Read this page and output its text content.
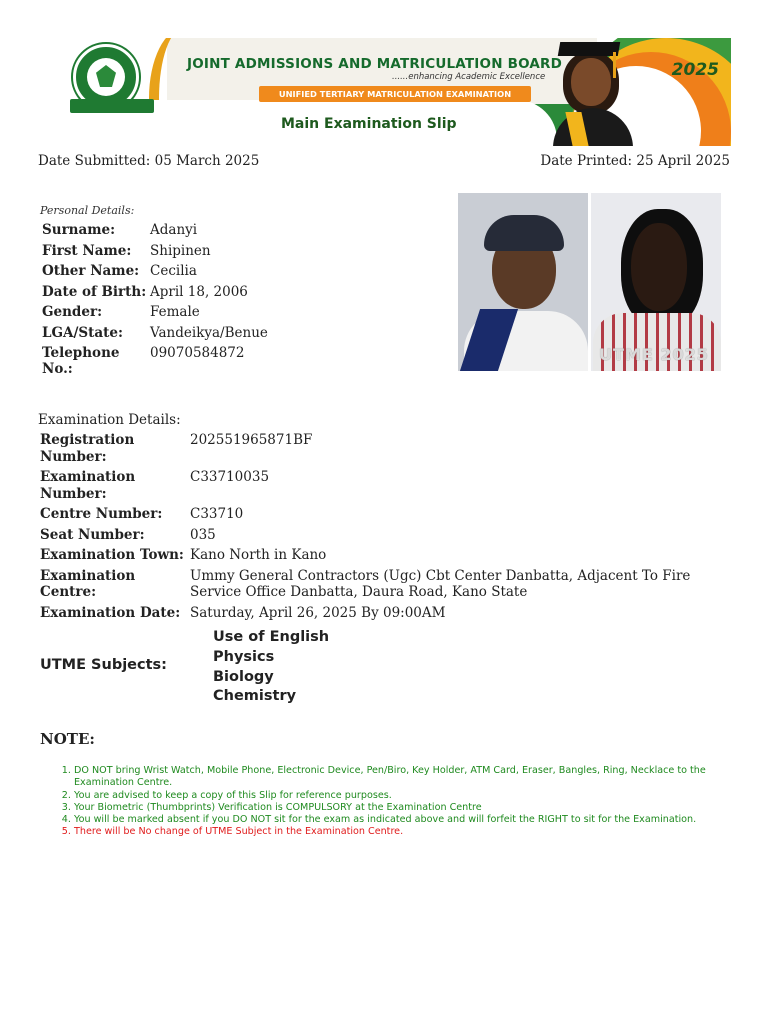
JOINT ADMISSIONS AND MATRICULATION BOARD
......enhancing Academic Excellence
UNIFIED TERTIARY MATRICULATION EXAMINATION
Main Examination Slip
2025
Date Submitted: 05 March 2025	Date Printed: 25 April 2025
Personal Details:
Surname:	Adanyi
First Name:	Shipinen
Other Name:	Cecilia
Date of Birth:	April 18, 2006
Gender:	Female
LGA/State:	Vandeikya/Benue
Telephone No.:	09070584872	UTME 2025
Examination Details:
Registration Number:	202551965871BF
Examination Number:	C33710035
Centre Number:	C33710
Seat Number:	035
Examination Town:	Kano North in Kano
Examination Centre:	Ummy General Contractors (Ugc) Cbt Center Danbatta, Adjacent To Fire Service Office Danbatta, Daura Road, Kano State
Examination Date:	Saturday, April 26, 2025 By 09:00AM
UTME Subjects:
Use of English
Physics
Biology
Chemistry
NOTE:
1. DO NOT bring Wrist Watch, Mobile Phone, Electronic Device, Pen/Biro, Key Holder, ATM Card, Eraser, Bangles, Ring, Necklace to the Examination Centre.
2. You are advised to keep a copy of this Slip for reference purposes.
3. Your Biometric (Thumbprints) Verification is COMPULSORY at the Examination Centre
4. You will be marked absent if you DO NOT sit for the exam as indicated above and will forfeit the RIGHT to sit for the Examination.
5. There will be No change of UTME Subject in the Examination Centre.
